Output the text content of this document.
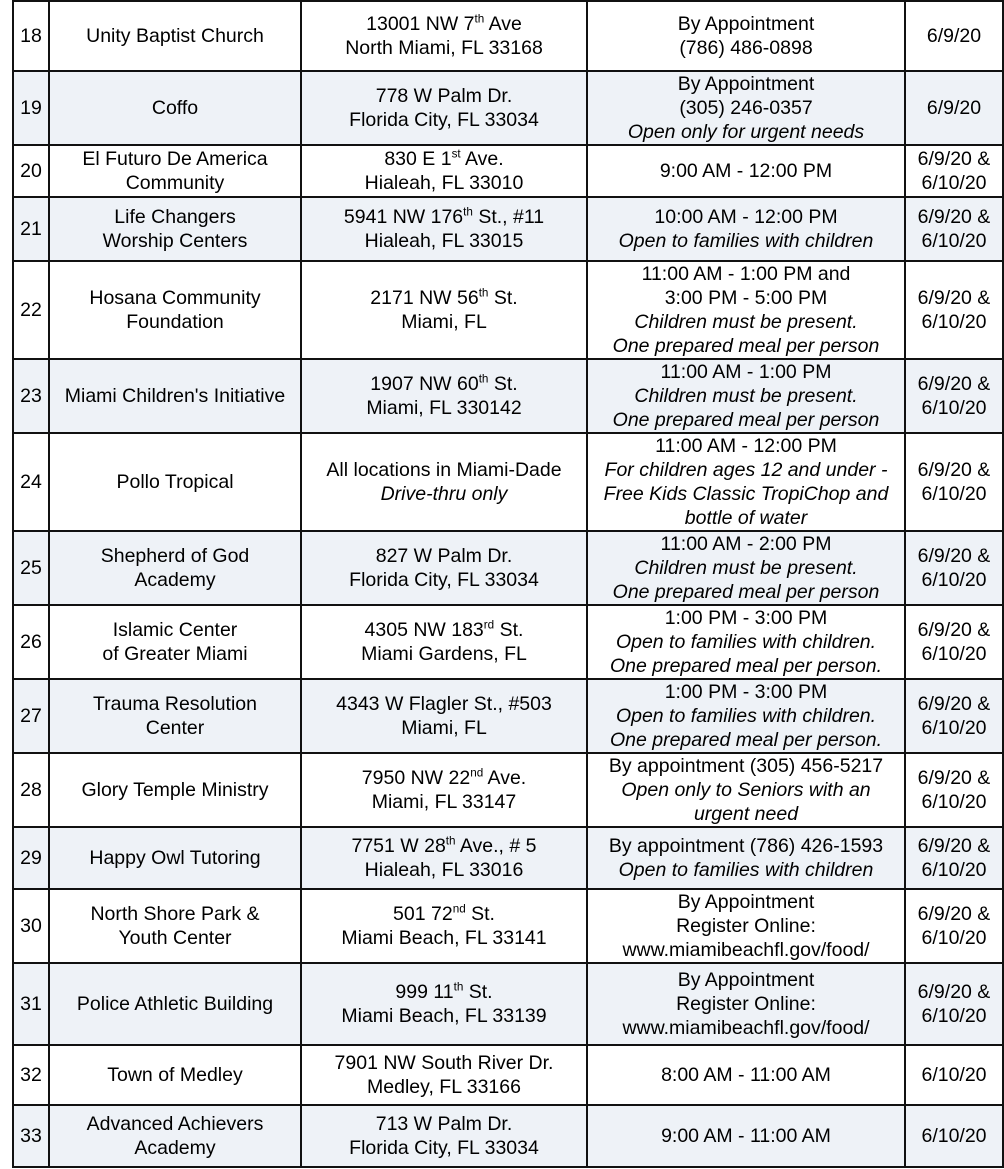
18	Unity Baptist Church	13001 NW 7th Ave
North Miami, FL 33168	By Appointment
(786) 486-0898	6/9/20

19	Coffo	778 W Palm Dr.
Florida City, FL 33034	By Appointment
(305) 246-0357
Open only for urgent needs	6/9/20

20	El Futuro De America
Community	830 E 1st Ave.
Hialeah, FL 33010	9:00 AM - 12:00 PM	6/9/20 &
6/10/20

21	Life Changers
Worship Centers	5941 NW 176th St., #11
Hialeah, FL 33015	10:00 AM - 12:00 PM
Open to families with children	6/9/20 &
6/10/20

22	Hosana Community
Foundation	2171 NW 56th St.
Miami, FL	11:00 AM - 1:00 PM and
3:00 PM - 5:00 PM
Children must be present.
One prepared meal per person	6/9/20 &
6/10/20

23	Miami Children's Initiative	1907 NW 60th St.
Miami, FL 330142	11:00 AM - 1:00 PM
Children must be present.
One prepared meal per person	6/9/20 &
6/10/20

24	Pollo Tropical	All locations in Miami-Dade
Drive-thru only	11:00 AM - 12:00 PM
For children ages 12 and under -
Free Kids Classic TropiChop and
bottle of water	6/9/20 &
6/10/20

25	Shepherd of God
Academy	827 W Palm Dr.
Florida City, FL 33034	11:00 AM - 2:00 PM
Children must be present.
One prepared meal per person	6/9/20 &
6/10/20

26	Islamic Center
of Greater Miami	4305 NW 183rd St.
Miami Gardens, FL	1:00 PM - 3:00 PM
Open to families with children.
One prepared meal per person.	6/9/20 &
6/10/20

27	Trauma Resolution
Center	4343 W Flagler St., #503
Miami, FL	1:00 PM - 3:00 PM
Open to families with children.
One prepared meal per person.	6/9/20 &
6/10/20

28	Glory Temple Ministry	7950 NW 22nd Ave.
Miami, FL 33147	By appointment (305) 456-5217
Open only to Seniors with an
urgent need	6/9/20 &
6/10/20

29	Happy Owl Tutoring	7751 W 28th Ave., # 5
Hialeah, FL 33016	By appointment (786) 426-1593
Open to families with children	6/9/20 &
6/10/20

30	North Shore Park &
Youth Center	501 72nd St.
Miami Beach, FL 33141	By Appointment
Register Online:
www.miamibeachfl.gov/food/	6/9/20 &
6/10/20

31	Police Athletic Building	999 11th St.
Miami Beach, FL 33139	By Appointment
Register Online:
www.miamibeachfl.gov/food/	6/9/20 &
6/10/20

32	Town of Medley	7901 NW South River Dr.
Medley, FL 33166	8:00 AM - 11:00 AM	6/10/20

33	Advanced Achievers
Academy	713 W Palm Dr.
Florida City, FL 33034	9:00 AM - 11:00 AM	6/10/20
